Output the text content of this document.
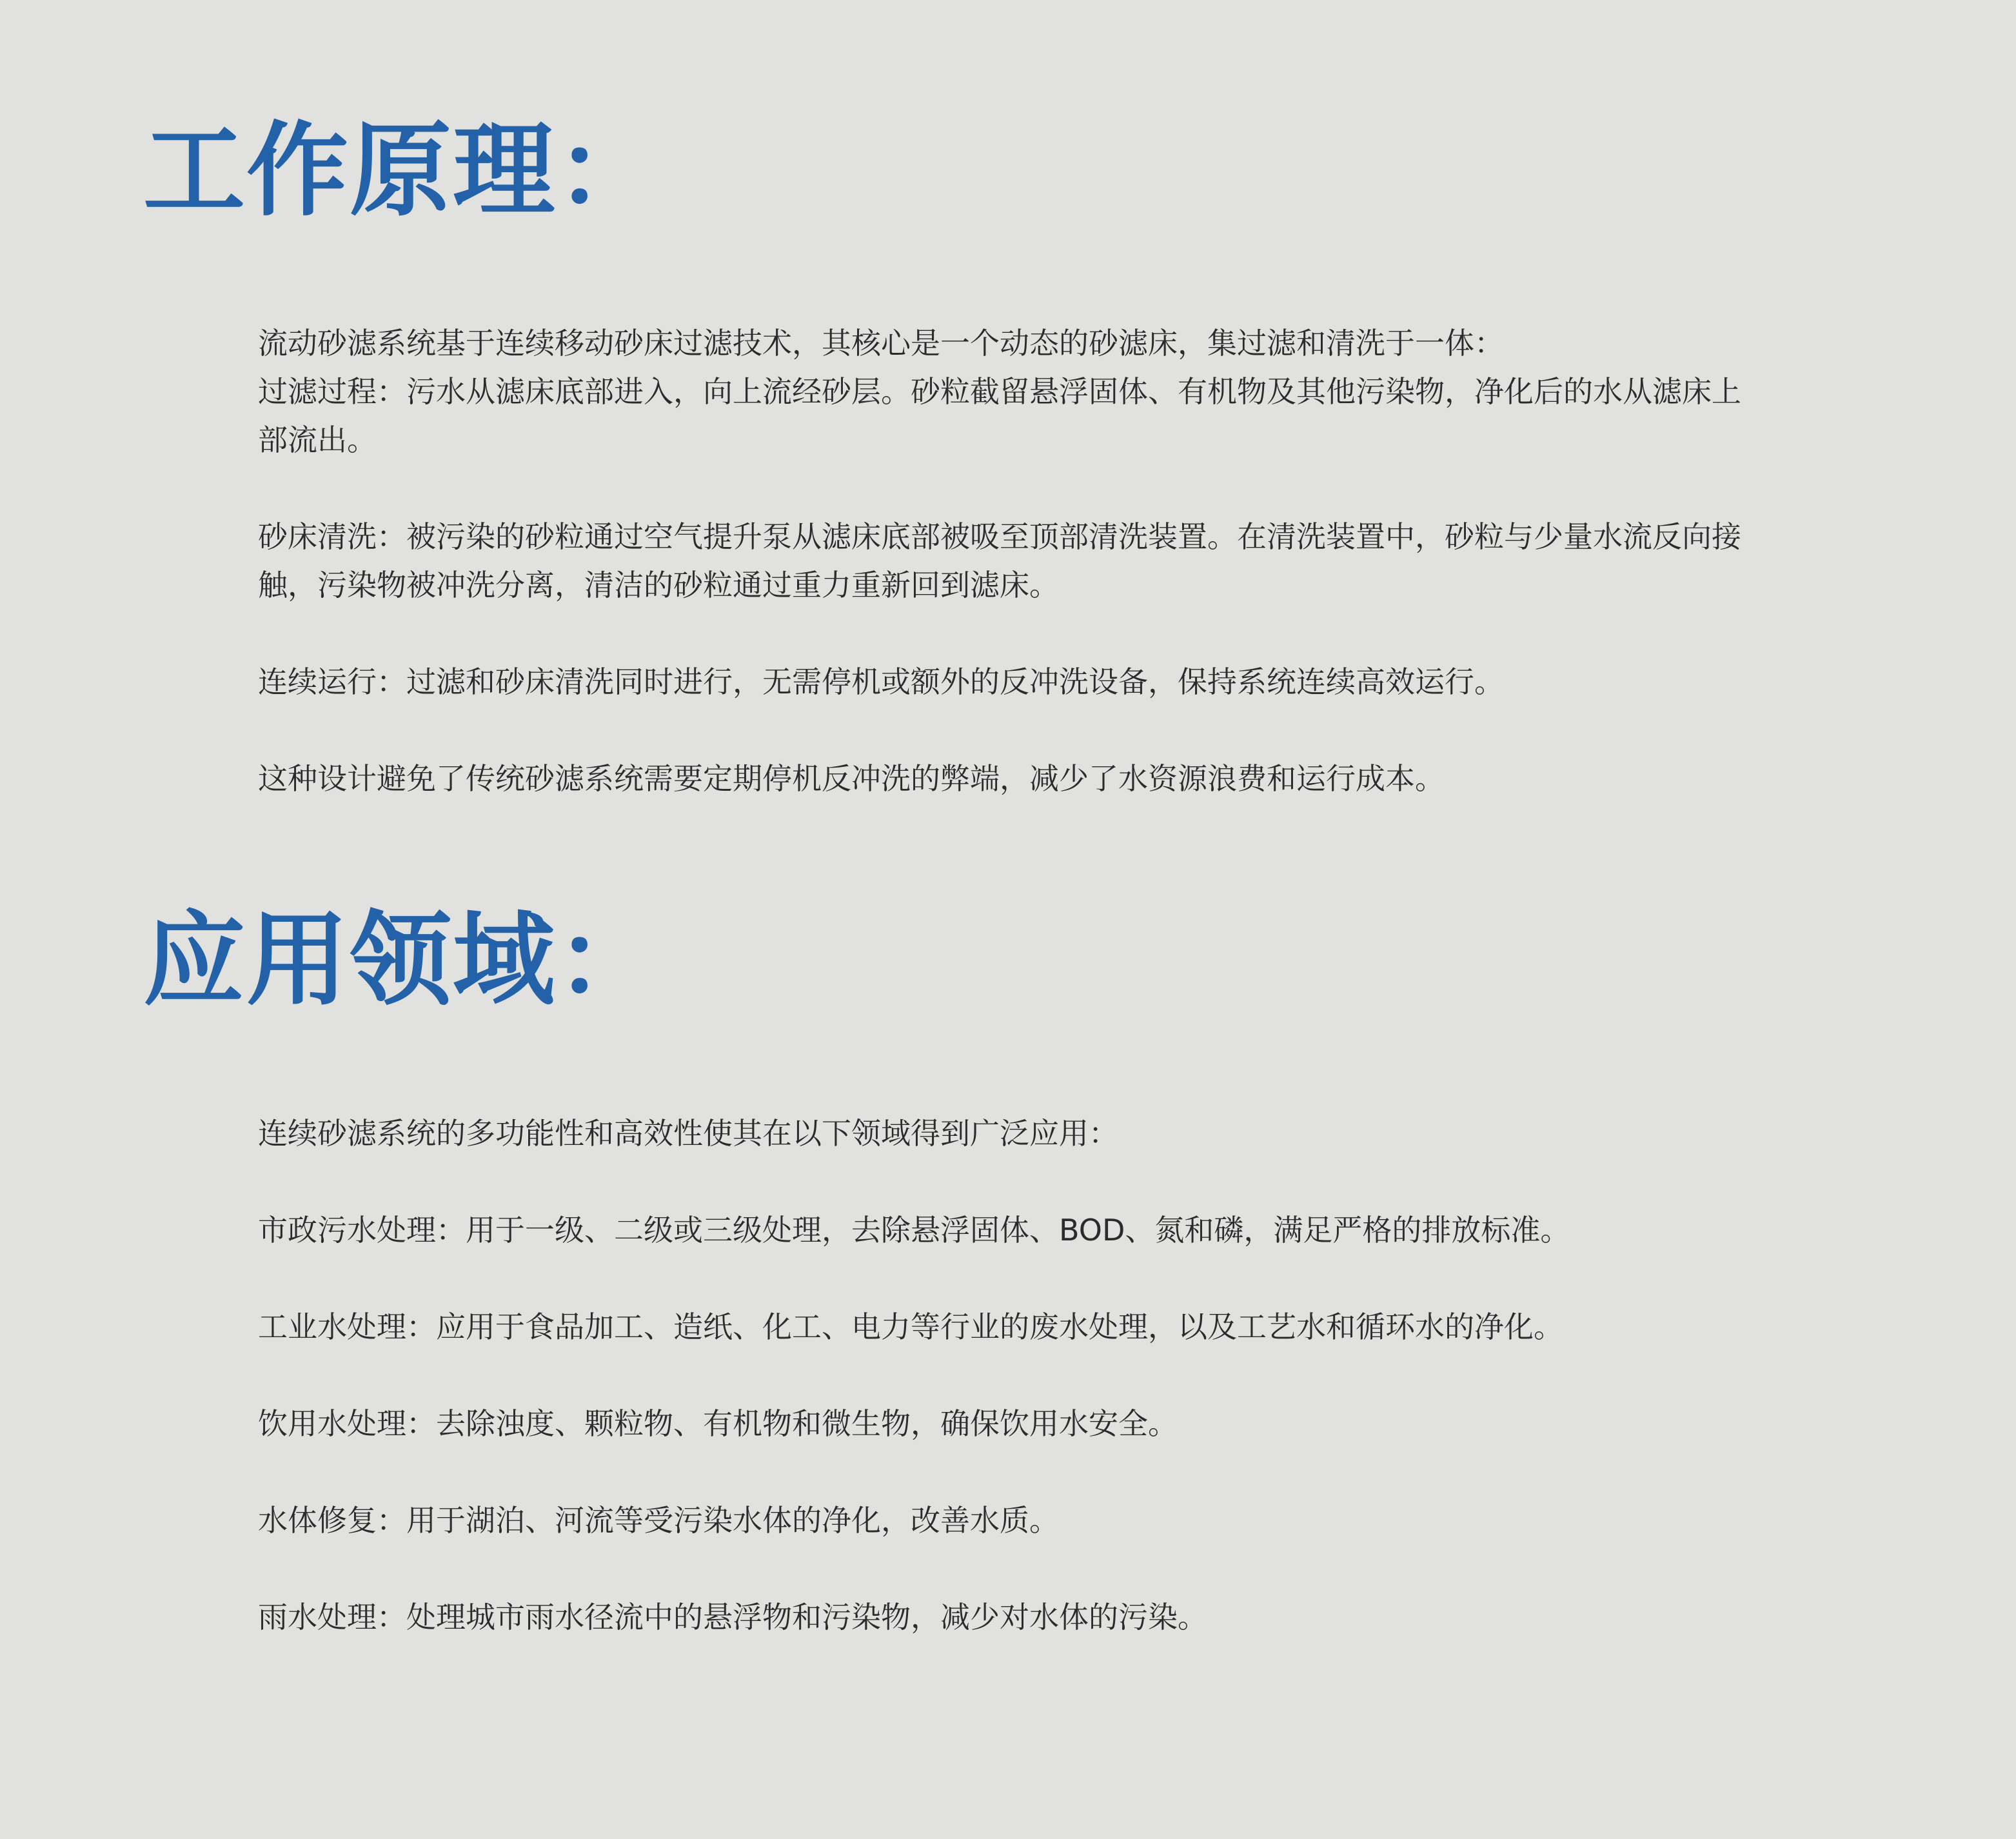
工作原理：

流动砂滤系统基于连续移动砂床过滤技术，其核心是一个动态的砂滤床，集过滤和清洗于一体：

过滤过程：污水从滤床底部进入，向上流经砂层。砂粒截留悬浮固体、有机物及其他污染物，净化后的水从滤床上部流出。

砂床清洗：被污染的砂粒通过空气提升泵从滤床底部被吸至顶部清洗装置。在清洗装置中，砂粒与少量水流反向接触，污染物被冲洗分离，清洁的砂粒通过重力重新回到滤床。

连续运行：过滤和砂床清洗同时进行，无需停机或额外的反冲洗设备，保持系统连续高效运行。

这种设计避免了传统砂滤系统需要定期停机反冲洗的弊端，减少了水资源浪费和运行成本。

应用领域：

连续砂滤系统的多功能性和高效性使其在以下领域得到广泛应用：

市政污水处理：用于一级、二级或三级处理，去除悬浮固体、BOD、氮和磷，满足严格的排放标准。

工业水处理：应用于食品加工、造纸、化工、电力等行业的废水处理，以及工艺水和循环水的净化。

饮用水处理：去除浊度、颗粒物、有机物和微生物，确保饮用水安全。

水体修复：用于湖泊、河流等受污染水体的净化，改善水质。

雨水处理：处理城市雨水径流中的悬浮物和污染物，减少对水体的污染。
